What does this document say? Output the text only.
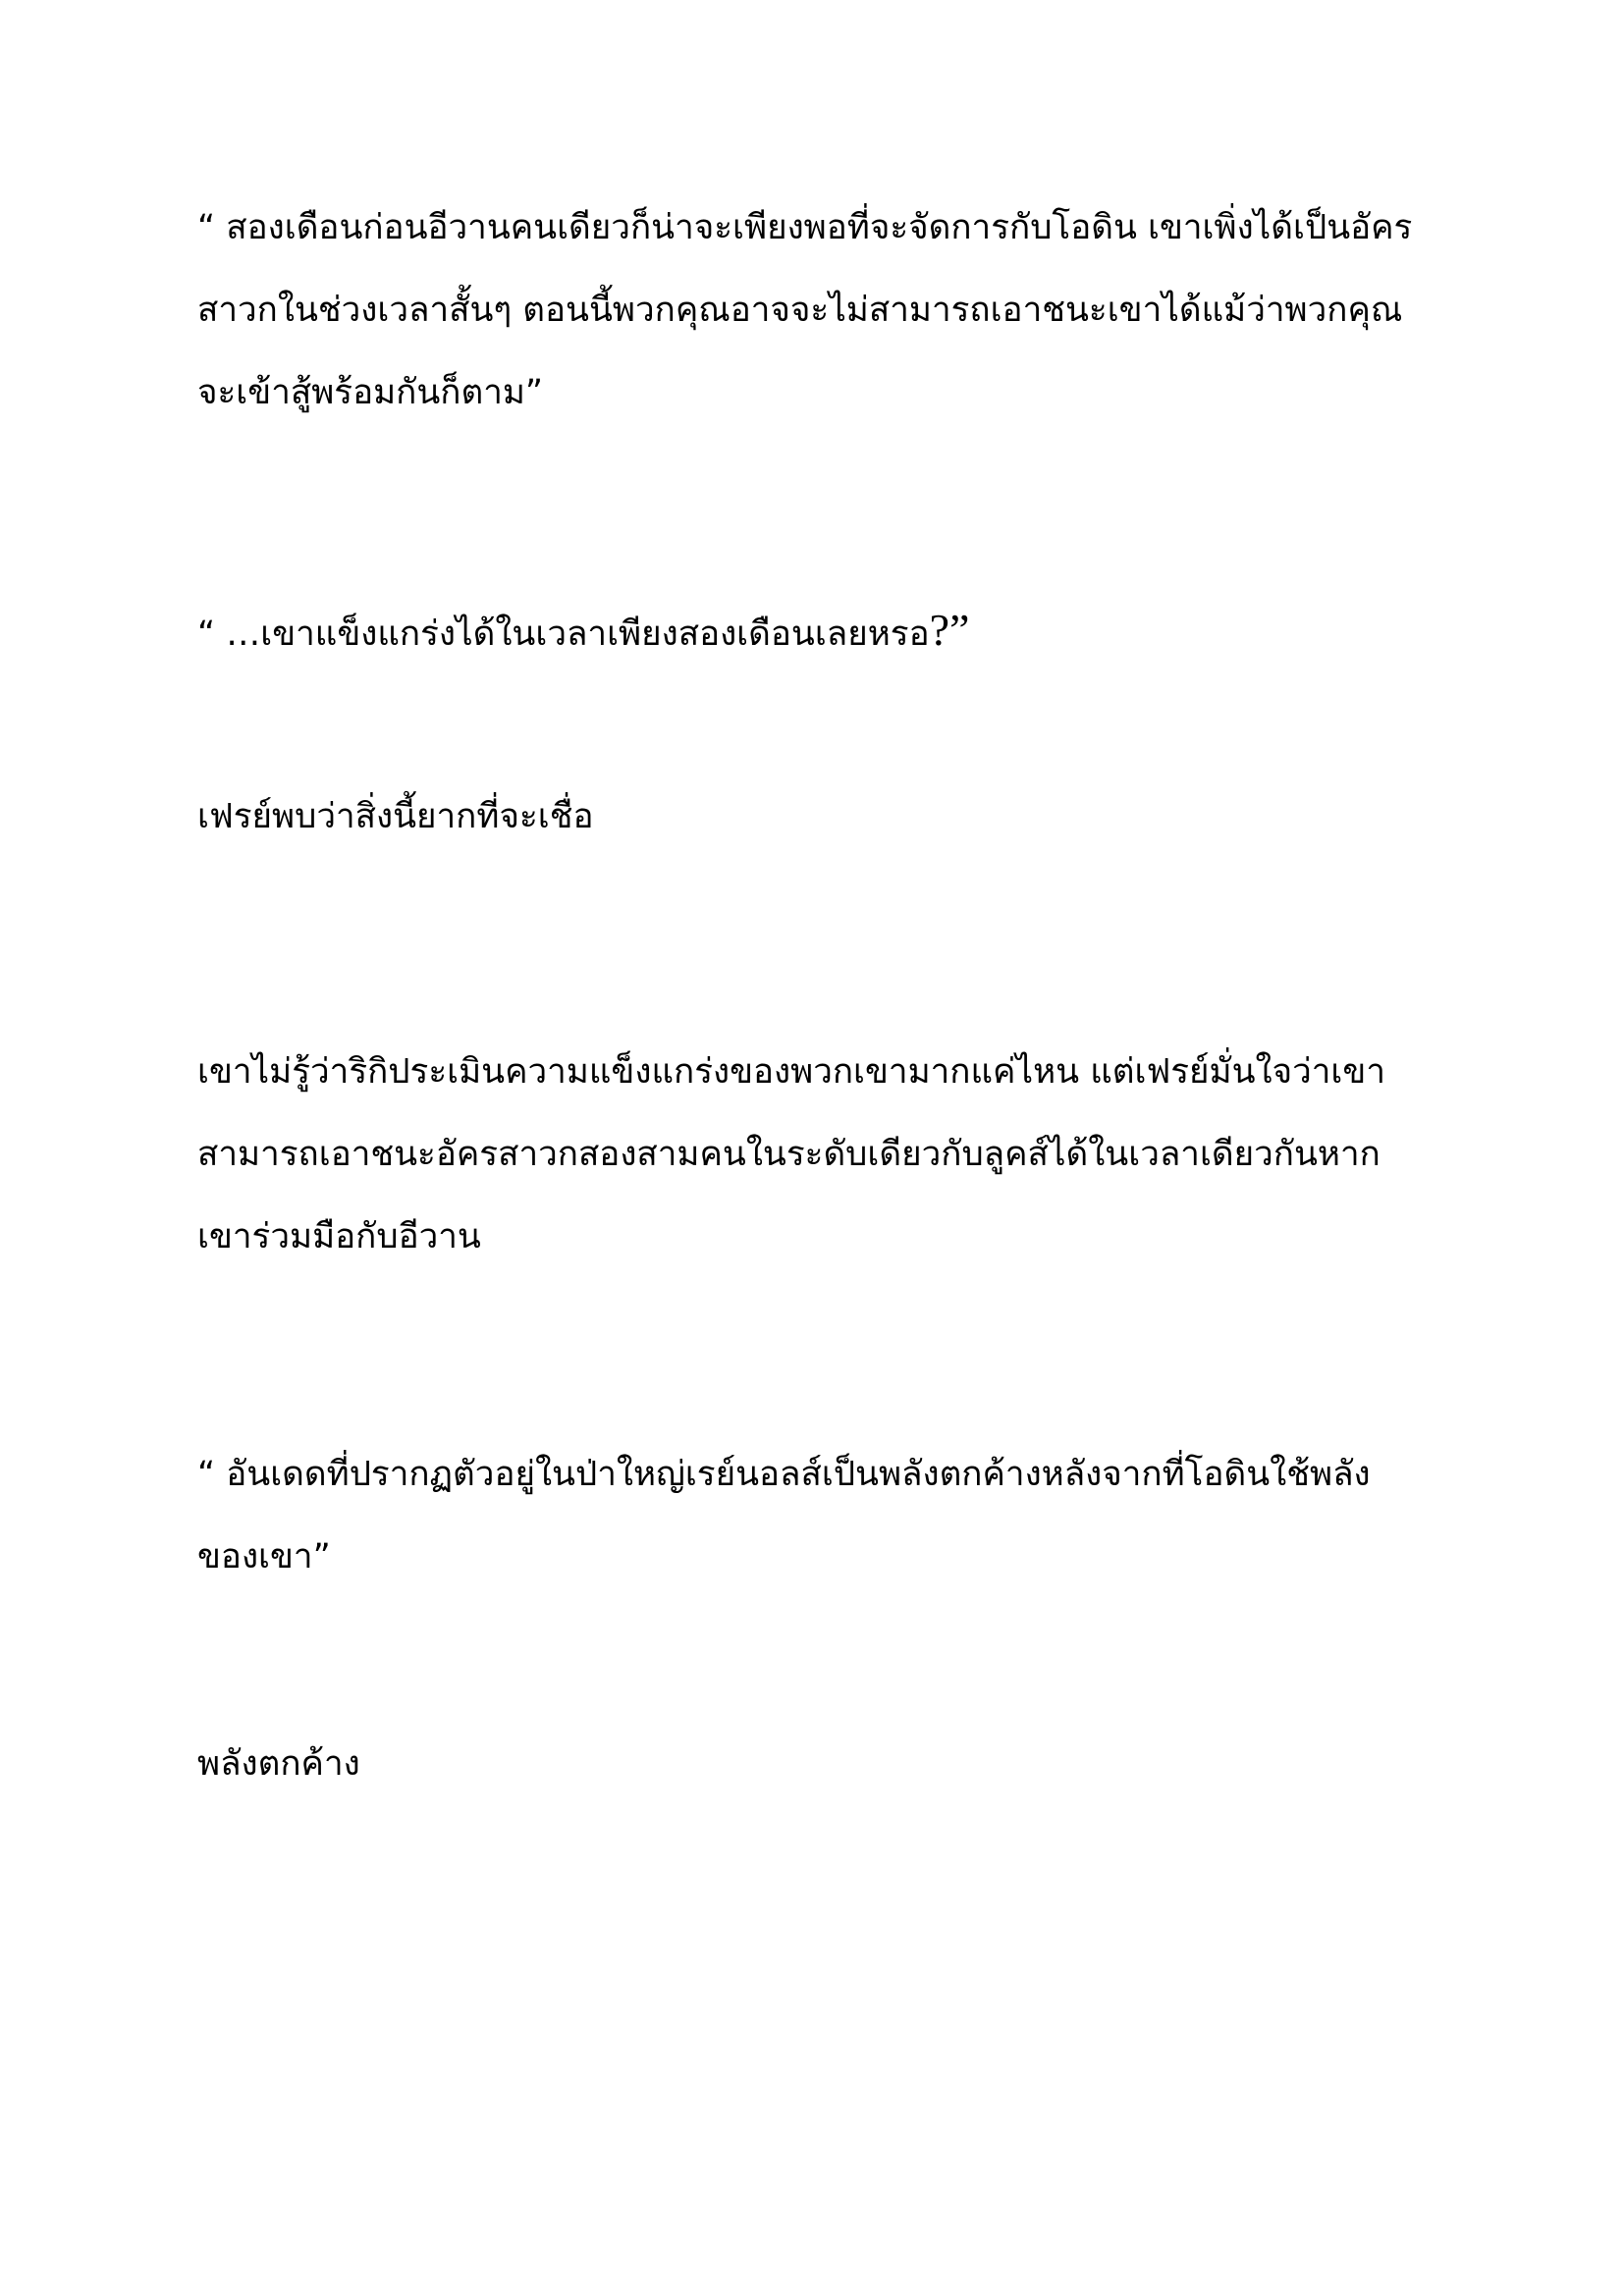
“ สองเดือนก่อนอีวานคนเดียวก็น่าจะเพียงพอที่จะจัดการกับโอดิน เขาเพิ่งได้เป็นอัคร
สาวกในช่วงเวลาสั้นๆ ตอนนี้พวกคุณอาจจะไม่สามารถเอาชนะเขาได้แม้ว่าพวกคุณ
จะเข้าสู้พร้อมกันก็ตาม”
“ …เขาแข็งแกร่งได้ในเวลาเพียงสองเดือนเลยหรอ?”
เฟรย์พบว่าสิ่งนี้ยากที่จะเชื่อ
เขาไม่รู้ว่าริกิประเมินความแข็งแกร่งของพวกเขามากแค่ไหน แต่เฟรย์มั่นใจว่าเขา
สามารถเอาชนะอัครสาวกสองสามคนในระดับเดียวกับลูคส์ได้ในเวลาเดียวกันหาก
เขาร่วมมือกับอีวาน
“ อันเดดที่ปรากฏตัวอยู่ในป่าใหญ่เรย์นอลส์เป็นพลังตกค้างหลังจากที่โอดินใช้พลัง
ของเขา”
พลังตกค้าง
